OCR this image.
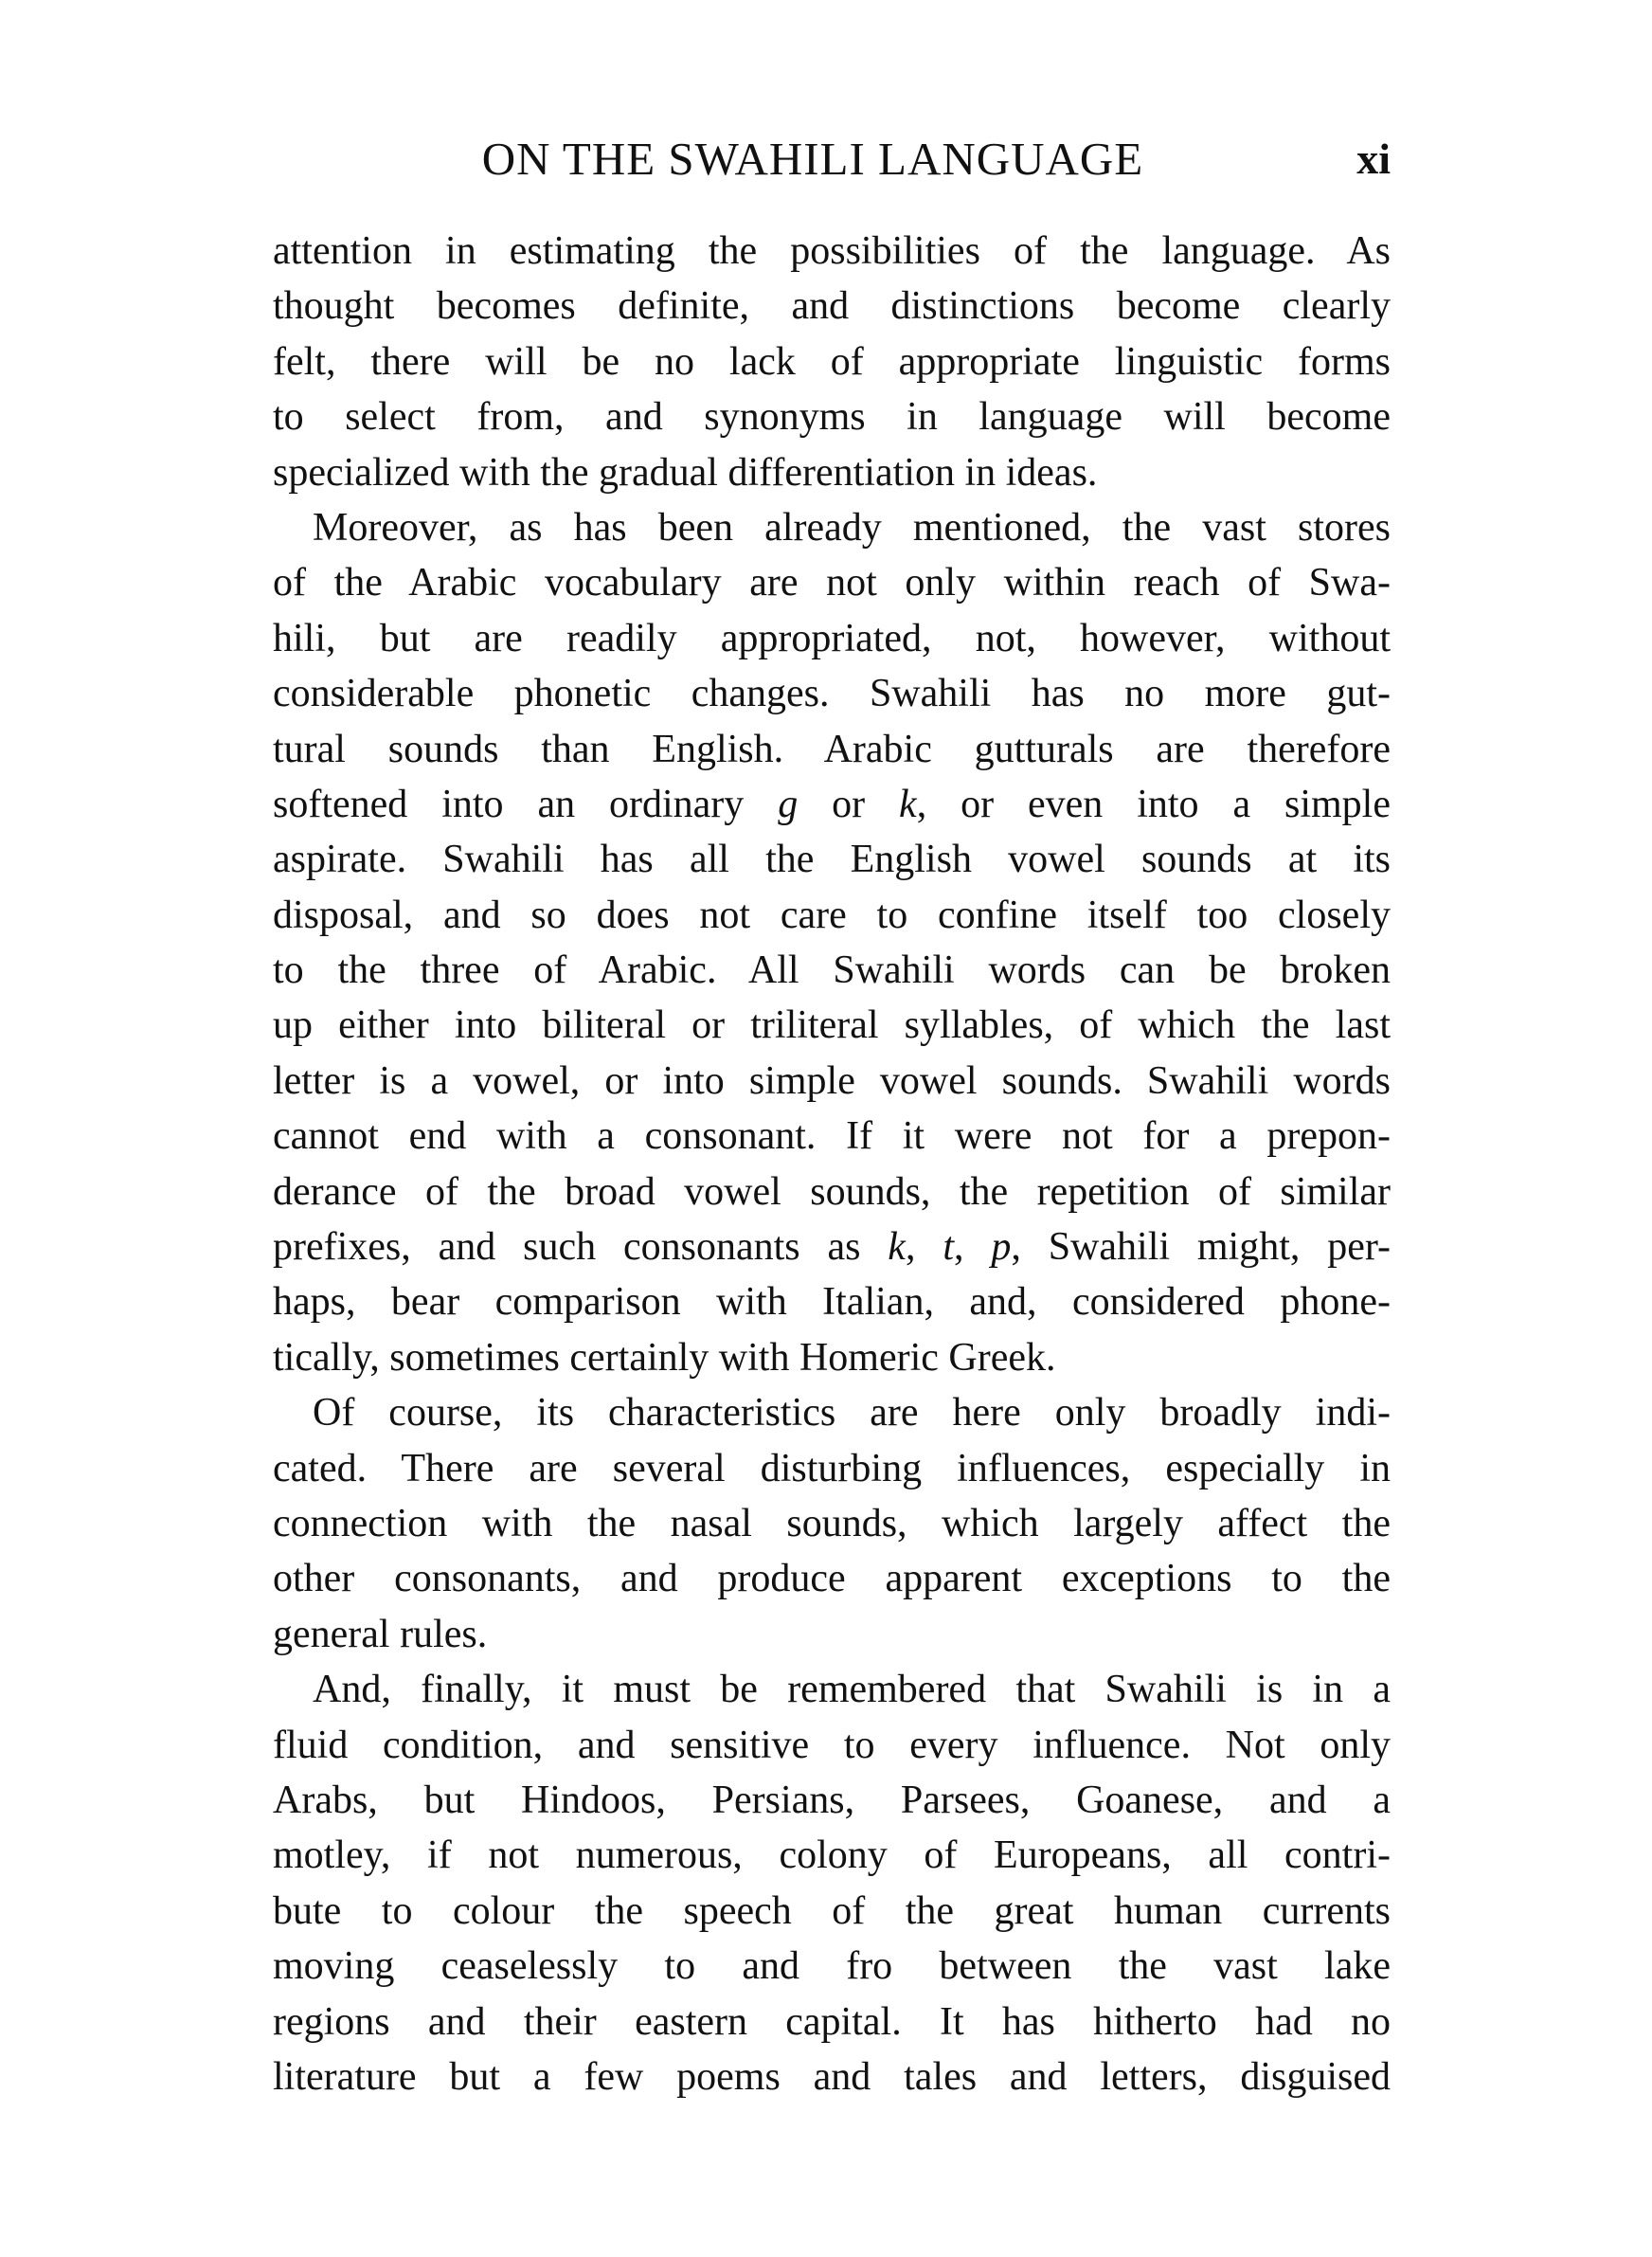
ON THE SWAHILI LANGUAGE	xi
attention in estimating the possibilities of the language. As
thought becomes definite, and distinctions become clearly
felt, there will be no lack of appropriate linguistic forms
to select from, and synonyms in language will become
specialized with the gradual differentiation in ideas.
Moreover, as has been already mentioned, the vast stores
of the Arabic vocabulary are not only within reach of Swa-
hili, but are readily appropriated, not, however, without
considerable phonetic changes. Swahili has no more gut-
tural sounds than English. Arabic gutturals are therefore
softened into an ordinary g or k, or even into a simple
aspirate. Swahili has all the English vowel sounds at its
disposal, and so does not care to confine itself too closely
to the three of Arabic. All Swahili words can be broken
up either into biliteral or triliteral syllables, of which the last
letter is a vowel, or into simple vowel sounds. Swahili words
cannot end with a consonant. If it were not for a prepon-
derance of the broad vowel sounds, the repetition of similar
prefixes, and such consonants as k, t, p, Swahili might, per-
haps, bear comparison with Italian, and, considered phone-
tically, sometimes certainly with Homeric Greek.
Of course, its characteristics are here only broadly indi-
cated. There are several disturbing influences, especially in
connection with the nasal sounds, which largely affect the
other consonants, and produce apparent exceptions to the
general rules.
And, finally, it must be remembered that Swahili is in a
fluid condition, and sensitive to every influence. Not only
Arabs, but Hindoos, Persians, Parsees, Goanese, and a
motley, if not numerous, colony of Europeans, all contri-
bute to colour the speech of the great human currents
moving ceaselessly to and fro between the vast lake
regions and their eastern capital. It has hitherto had no
literature but a few poems and tales and letters, disguised
